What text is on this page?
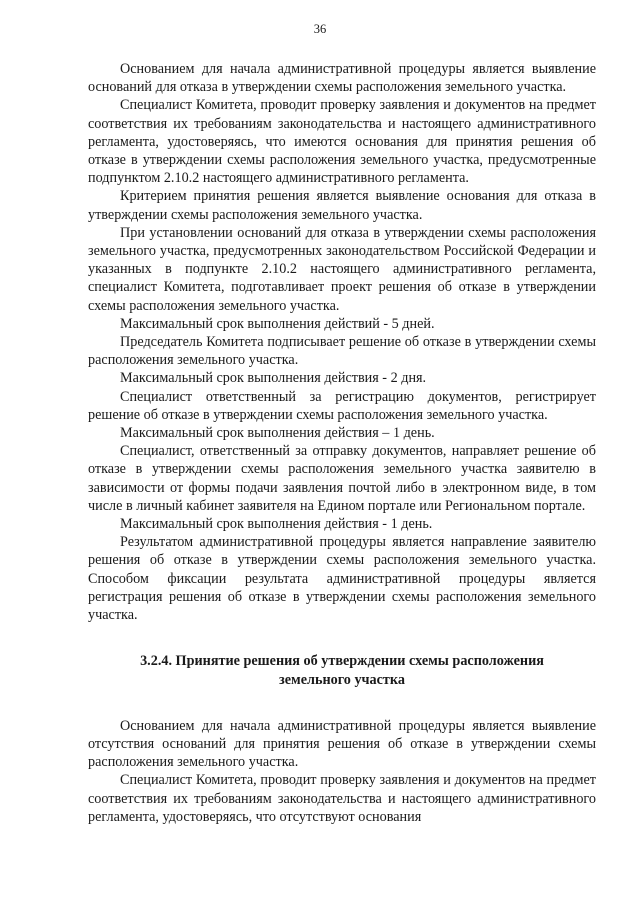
36

Основанием для начала административной процедуры является выявление оснований для отказа в утверждении схемы расположения земельного участка.

Специалист Комитета, проводит проверку заявления и документов на предмет соответствия их требованиям законодательства и настоящего административного регламента, удостоверяясь, что имеются основания для принятия решения об отказе в утверждении схемы расположения земельного участка, предусмотренные подпунктом 2.10.2 настоящего административного регламента.

Критерием принятия решения является выявление основания для отказа в утверждении схемы расположения земельного участка.

При установлении оснований для отказа в утверждении схемы расположения земельного участка, предусмотренных законодательством Российской Федерации и указанных в подпункте 2.10.2 настоящего административного регламента, специалист Комитета, подготавливает проект решения об отказе в утверждении схемы расположения земельного участка.

Максимальный срок выполнения действий - 5 дней.

Председатель Комитета подписывает решение об отказе в утверждении схемы расположения земельного участка.

Максимальный срок выполнения действия - 2 дня.

Специалист ответственный за регистрацию документов, регистрирует решение об отказе в утверждении схемы расположения земельного участка.

Максимальный срок выполнения действия – 1 день.

Специалист, ответственный за отправку документов, направляет решение об отказе в утверждении схемы расположения земельного участка заявителю в зависимости от формы подачи заявления почтой либо в электронном виде, в том числе в личный кабинет заявителя на Едином портале или Региональном портале.

Максимальный срок выполнения действия - 1 день.

Результатом административной процедуры является направление заявителю решения об отказе в утверждении схемы расположения земельного участка. Способом фиксации результата административной процедуры является регистрация решения об отказе в утверждении схемы расположения земельного участка.

3.2.4. Принятие решения об утверждении схемы расположения земельного участка

Основанием для начала административной процедуры является выявление отсутствия оснований для принятия решения об отказе в утверждении схемы расположения земельного участка.

Специалист Комитета, проводит проверку заявления и документов на предмет соответствия их требованиям законодательства и настоящего административного регламента, удостоверяясь, что отсутствуют основания
